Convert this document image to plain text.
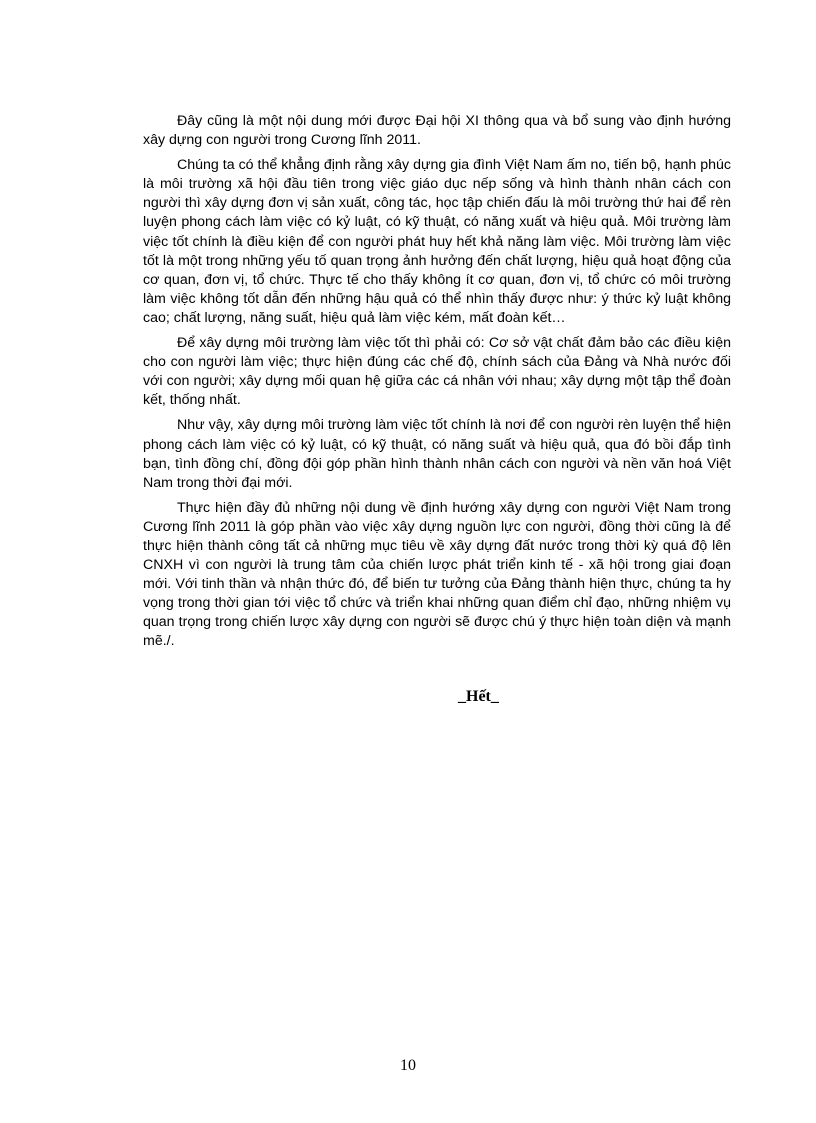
Đây cũng là một nội dung mới được Đại hội XI thông qua và bổ sung vào định hướng xây dựng con người trong Cương lĩnh 2011.

Chúng ta có thể khẳng định rằng xây dựng gia đình Việt Nam ấm no, tiến bộ, hạnh phúc là môi trường xã hội đầu tiên trong việc giáo dục nếp sống và hình thành nhân cách con người thì xây dựng đơn vị sản xuất, công tác, học tập chiến đấu là môi trường thứ hai để rèn luyện phong cách làm việc có kỷ luật, có kỹ thuật, có năng xuất và hiệu quả. Môi trường làm việc tốt chính là điều kiện để con người phát huy hết khả năng làm việc. Môi trường làm việc tốt là một trong những yếu tố quan trọng ảnh hưởng đến chất lượng, hiệu quả hoạt động của cơ quan, đơn vị, tổ chức. Thực tế cho thấy không ít cơ quan, đơn vị, tổ chức có môi trường làm việc không tốt dẫn đến những hậu quả có thể nhìn thấy được như: ý thức kỷ luật không cao; chất lượng, năng suất, hiệu quả làm việc kém, mất đoàn kết…

Để xây dựng môi trường làm việc tốt thì phải có: Cơ sở vật chất đảm bảo các điều kiện cho con người làm việc; thực hiện đúng các chế độ, chính sách của Đảng và Nhà nước đối với con người; xây dựng mối quan hệ giữa các cá nhân với nhau; xây dựng một tập thể đoàn kết, thống nhất.

Như vậy, xây dựng môi trường làm việc tốt chính là nơi để con người rèn luyện thể hiện phong cách làm việc có kỷ luật, có kỹ thuật, có năng suất và hiệu quả, qua đó bồi đắp tình bạn, tình đồng chí, đồng đội góp phần hình thành nhân cách con người và nền văn hoá Việt Nam trong thời đại mới.

Thực hiện đầy đủ những nội dung về định hướng xây dựng con người Việt Nam trong Cương lĩnh 2011 là góp phần vào việc xây dựng nguồn lực con người, đồng thời cũng là để thực hiện thành công tất cả những mục tiêu về xây dựng đất nước trong thời kỳ quá độ lên CNXH vì con người là trung tâm của chiến lược phát triển kinh tế - xã hội trong giai đoạn mới. Với tinh thần và nhận thức đó, để biến tư tưởng của Đảng thành hiện thực, chúng ta hy vọng trong thời gian tới việc tổ chức và triển khai những quan điểm chỉ đạo, những nhiệm vụ quan trọng trong chiến lược xây dựng con người sẽ được chú ý thực hiện toàn diện và mạnh mẽ./.

_Hết_
10
